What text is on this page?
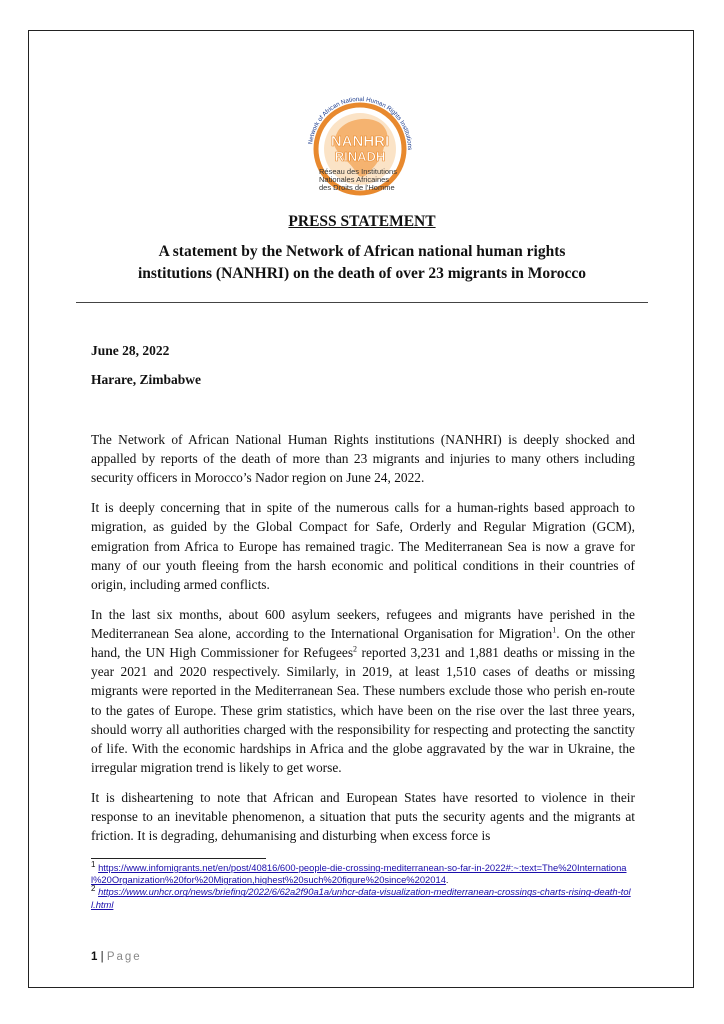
Network of African National Human Rights Institutions
NANHRI
RINADH
Réseau des Institutions
Nationales Africaines
des Droits de l'Homme
PRESS STATEMENT
A statement by the Network of African national human rights
institutions (NANHRI) on the death of over 23 migrants in Morocco
June 28, 2022
Harare, Zimbabwe

The Network of African National Human Rights institutions (NANHRI) is deeply shocked and appalled by reports of the death of more than 23 migrants and injuries to many others including security officers in Morocco’s Nador region on June 24, 2022.

It is deeply concerning that in spite of the numerous calls for a human-rights based approach to migration, as guided by the Global Compact for Safe, Orderly and Regular Migration (GCM), emigration from Africa to Europe has remained tragic. The Mediterranean Sea is now a grave for many of our youth fleeing from the harsh economic and political conditions in their countries of origin, including armed conflicts.

In the last six months, about 600 asylum seekers, refugees and migrants have perished in the Mediterranean Sea alone, according to the International Organisation for Migration$^1$. On the other hand, the UN High Commissioner for Refugees$^2$ reported 3,231 and 1,881 deaths or missing in the year 2021 and 2020 respectively. Similarly, in 2019, at least 1,510 cases of deaths or missing migrants were reported in the Mediterranean Sea. These numbers exclude those who perish en-route to the gates of Europe. These grim statistics, which have been on the rise over the last three years, should worry all authorities charged with the responsibility for respecting and protecting the sanctity of life. With the economic hardships in Africa and the globe aggravated by the war in Ukraine, the irregular migration trend is likely to get worse.

It is disheartening to note that African and European States have resorted to violence in their response to an inevitable phenomenon, a situation that puts the security agents and the migrants at friction. It is degrading, dehumanising and disturbing when excess force is

$^1$ https://www.infomigrants.net/en/post/40816/600-people-die-crossing-mediterranean-so-far-in-2022#:~:text=The%20International%20Organization%20for%20Migration,highest%20such%20figure%20since%202014.

$^2$ https://www.unhcr.org/news/briefing/2022/6/62a2f90a1a/unhcr-data-visualization-mediterranean-crossings-charts-rising-death-toll.html

1 | Page
